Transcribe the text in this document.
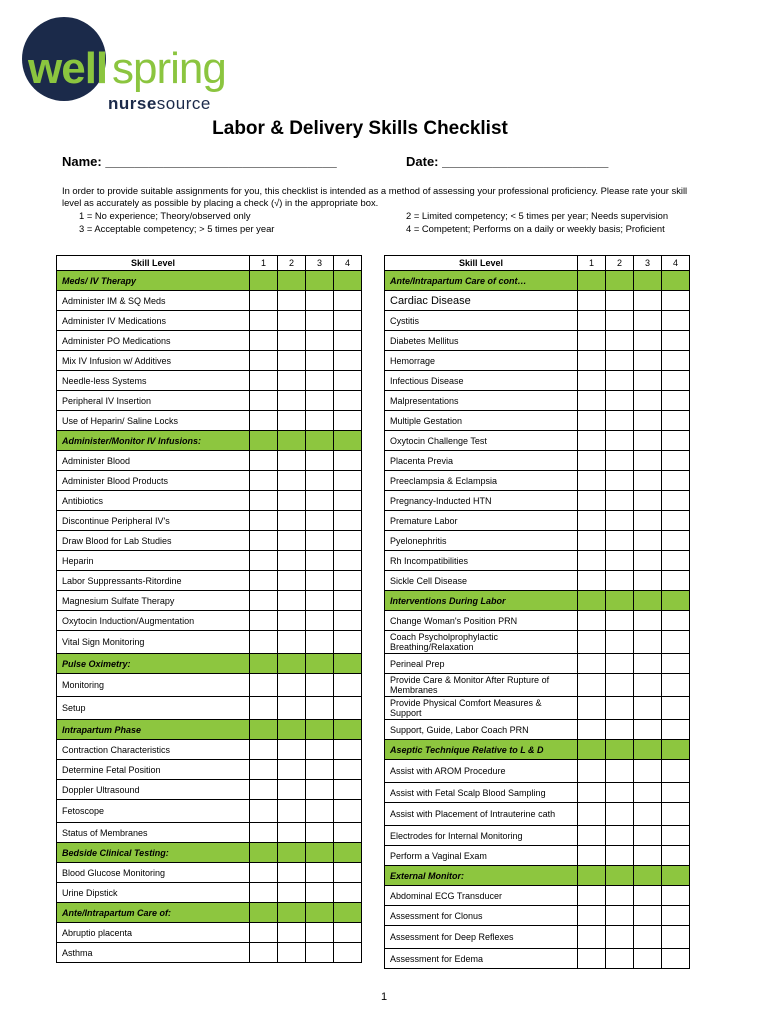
well spring
nursesource
Labor & Delivery Skills Checklist
Name: ________________________________	Date: _______________________
In order to provide suitable assignments for you, this checklist is intended as a method of assessing your professional proficiency. Please rate your skill level as accurately as possible by placing a check (√) in the appropriate box.
1 = No experience; Theory/observed only	2 = Limited competency; < 5 times per year; Needs supervision
3 = Acceptable competency; > 5 times per year	4 = Competent; Performs on a daily or weekly basis; Proficient
Skill Level	1	2	3	4
Meds/ IV Therapy				
Administer IM & SQ Meds				
Administer IV Medications				
Administer PO Medications				
Mix IV Infusion w/ Additives				
Needle-less Systems				
Peripheral IV Insertion				
Use of Heparin/ Saline Locks				
Administer/Monitor IV Infusions:				
Administer Blood				
Administer Blood Products				
Antibiotics				
Discontinue Peripheral IV's				
Draw Blood for Lab Studies				
Heparin				
Labor Suppressants-Ritordine				
Magnesium Sulfate Therapy				
Oxytocin Induction/Augmentation				
Vital Sign Monitoring				
Pulse Oximetry:				
Monitoring				
Setup				
Intrapartum Phase				
Contraction Characteristics				
Determine Fetal Position				
Doppler Ultrasound				
Fetoscope				
Status of Membranes				
Bedside Clinical Testing:				
Blood Glucose Monitoring				
Urine Dipstick				
Ante/Intrapartum Care of:				
Abruptio placenta				
Asthma				
Skill Level	1	2	3	4
Ante/Intrapartum Care of cont…				
Cardiac Disease				
Cystitis				
Diabetes Mellitus				
Hemorrage				
Infectious Disease				
Malpresentations				
Multiple Gestation				
Oxytocin Challenge Test				
Placenta Previa				
Preeclampsia & Eclampsia				
Pregnancy-Inducted HTN				
Premature Labor				
Pyelonephritis				
Rh Incompatibilities				
Sickle Cell Disease				
Interventions During Labor				
Change Woman's Position PRN				
Coach Psycholprophylactic Breathing/Relaxation				
Perineal Prep				
Provide Care & Monitor After Rupture of Membranes				
Provide Physical Comfort Measures & Support				
Support, Guide, Labor Coach PRN				
Aseptic Technique Relative to L & D				
Assist with AROM Procedure				
Assist with Fetal Scalp Blood Sampling				
Assist with Placement of Intrauterine cath				
Electrodes for Internal Monitoring				
Perform a Vaginal Exam				
External Monitor:				
Abdominal ECG Transducer				
Assessment for Clonus				
Assessment for Deep Reflexes				
Assessment for Edema				
1
